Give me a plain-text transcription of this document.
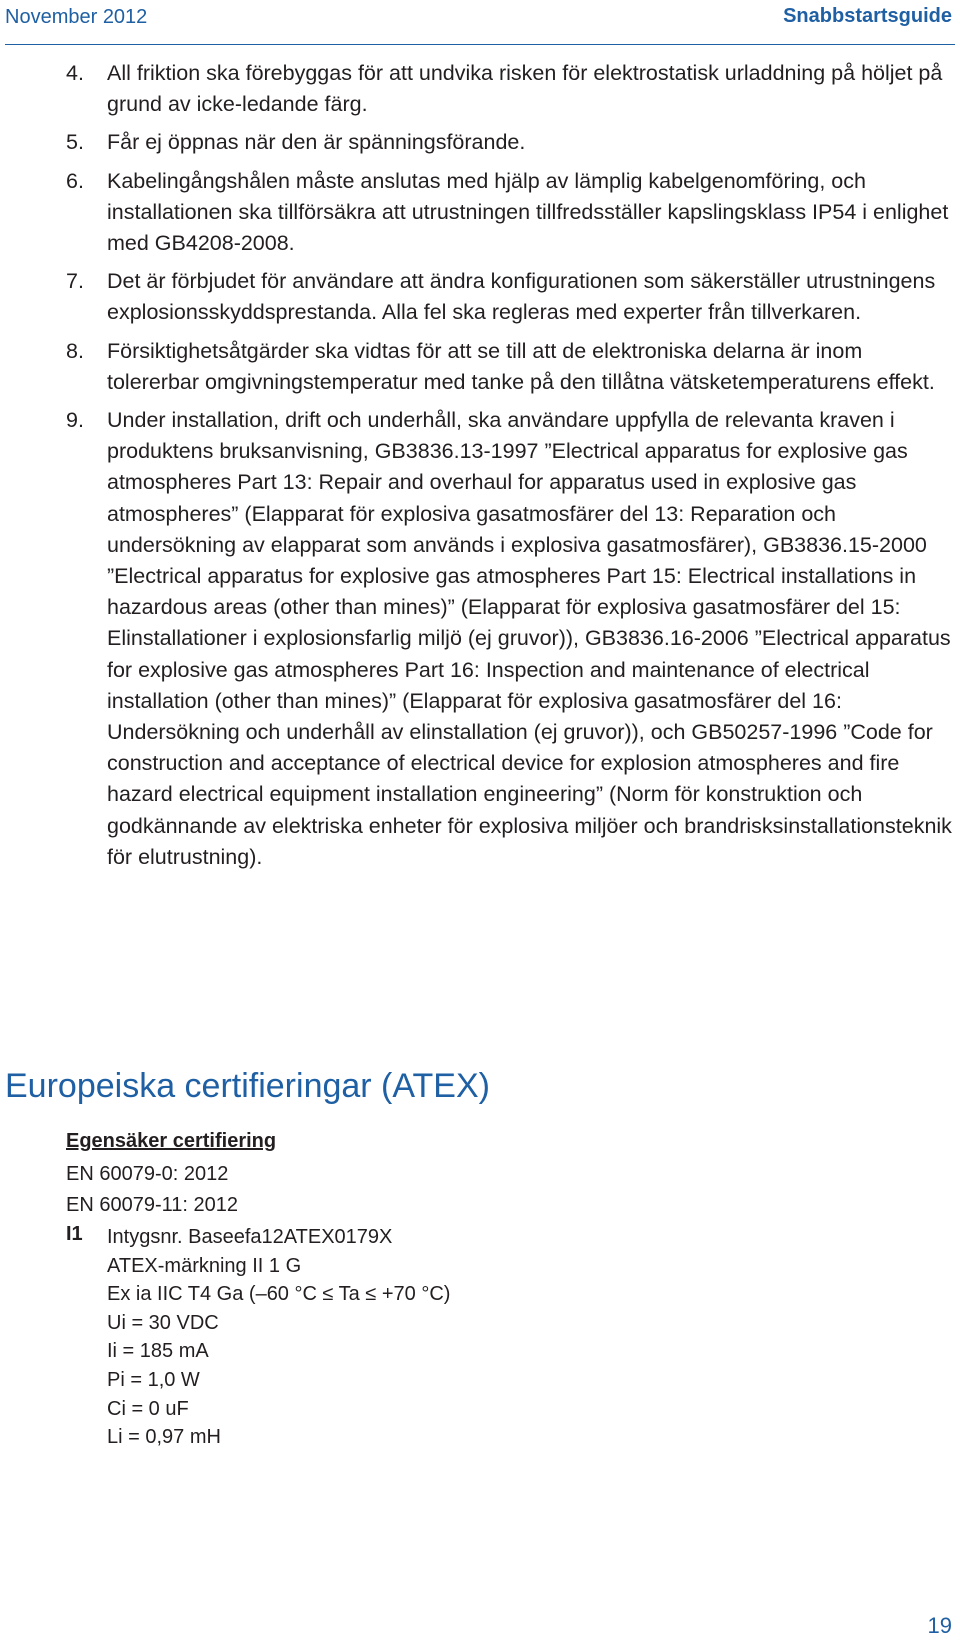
November 2012	Snabbstartsguide
4. All friktion ska förebyggas för att undvika risken för elektrostatisk urladdning på höljet på grund av icke-ledande färg.
5. Får ej öppnas när den är spänningsförande.
6. Kabelingångshålen måste anslutas med hjälp av lämplig kabelgenomföring, och installationen ska tillförsäkra att utrustningen tillfredsställer kapslingsklass IP54 i enlighet med GB4208-2008.
7. Det är förbjudet för användare att ändra konfigurationen som säkerställer utrustningens explosionsskyddsprestanda. Alla fel ska regleras med experter från tillverkaren.
8. Försiktighetsåtgärder ska vidtas för att se till att de elektroniska delarna är inom tolererbar omgivningstemperatur med tanke på den tillåtna vätsketemperaturens effekt.
9. Under installation, drift och underhåll, ska användare uppfylla de relevanta kraven i produktens bruksanvisning, GB3836.13-1997 ”Electrical apparatus for explosive gas atmospheres Part 13: Repair and overhaul for apparatus used in explosive gas atmospheres” (Elapparat för explosiva gasatmosfärer del 13: Reparation och undersökning av elapparat som används i explosiva gasatmosfärer), GB3836.15-2000 ”Electrical apparatus for explosive gas atmospheres Part 15: Electrical installations in hazardous areas (other than mines)” (Elapparat för explosiva gasatmosfärer del 15: Elinstallationer i explosionsfarlig miljö (ej gruvor)), GB3836.16-2006 ”Electrical apparatus for explosive gas atmospheres Part 16: Inspection and maintenance of electrical installation (other than mines)” (Elapparat för explosiva gasatmosfärer del 16: Undersökning och underhåll av elinstallation (ej gruvor)), och GB50257-1996 ”Code for construction and acceptance of electrical device for explosion atmospheres and fire hazard electrical equipment installation engineering” (Norm för konstruktion och godkännande av elektriska enheter för explosiva miljöer och brandrisksinstallationsteknik för elutrustning).
Europeiska certifieringar (ATEX)
Egensäker certifiering
EN 60079-0: 2012
EN 60079-11: 2012
I1 Intygsnr. Baseefa12ATEX0179X
ATEX-märkning II 1 G
Ex ia IIC T4 Ga (–60 °C ≤ Ta ≤ +70 °C)
Ui = 30 VDC
Ii = 185 mA
Pi = 1,0 W
Ci = 0 uF
Li = 0,97 mH
19
